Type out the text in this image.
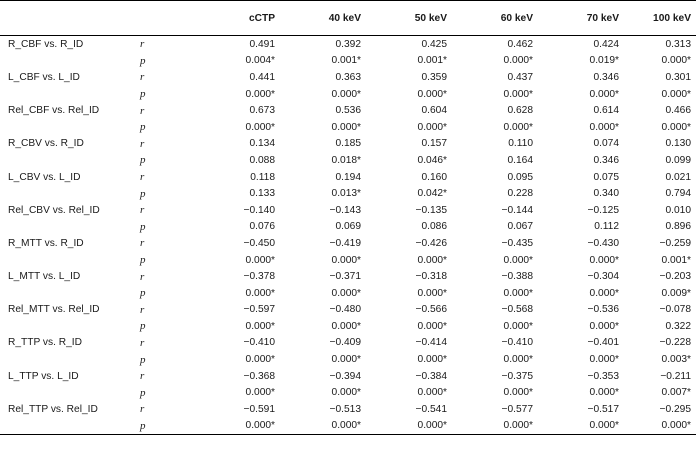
		cCTP	40 keV	50 keV	60 keV	70 keV	100 keV
R_CBF vs. R_ID	r	0.491	0.392	0.425	0.462	0.424	0.313
	p	0.004*	0.001*	0.001*	0.000*	0.019*	0.000*
L_CBF vs. L_ID	r	0.441	0.363	0.359	0.437	0.346	0.301
	p	0.000*	0.000*	0.000*	0.000*	0.000*	0.000*
Rel_CBF vs. Rel_ID	r	0.673	0.536	0.604	0.628	0.614	0.466
	p	0.000*	0.000*	0.000*	0.000*	0.000*	0.000*
R_CBV vs. R_ID	r	0.134	0.185	0.157	0.110	0.074	0.130
	p	0.088	0.018*	0.046*	0.164	0.346	0.099
L_CBV vs. L_ID	r	0.118	0.194	0.160	0.095	0.075	0.021
	p	0.133	0.013*	0.042*	0.228	0.340	0.794
Rel_CBV vs. Rel_ID	r	−0.140	−0.143	−0.135	−0.144	−0.125	0.010
	p	0.076	0.069	0.086	0.067	0.112	0.896
R_MTT vs. R_ID	r	−0.450	−0.419	−0.426	−0.435	−0.430	−0.259
	p	0.000*	0.000*	0.000*	0.000*	0.000*	0.001*
L_MTT vs. L_ID	r	−0.378	−0.371	−0.318	−0.388	−0.304	−0.203
	p	0.000*	0.000*	0.000*	0.000*	0.000*	0.009*
Rel_MTT vs. Rel_ID	r	−0.597	−0.480	−0.566	−0.568	−0.536	−0.078
	p	0.000*	0.000*	0.000*	0.000*	0.000*	0.322
R_TTP vs. R_ID	r	−0.410	−0.409	−0.414	−0.410	−0.401	−0.228
	p	0.000*	0.000*	0.000*	0.000*	0.000*	0.003*
L_TTP vs. L_ID	r	−0.368	−0.394	−0.384	−0.375	−0.353	−0.211
	p	0.000*	0.000*	0.000*	0.000*	0.000*	0.007*
Rel_TTP vs. Rel_ID	r	−0.591	−0.513	−0.541	−0.577	−0.517	−0.295
	p	0.000*	0.000*	0.000*	0.000*	0.000*	0.000*
